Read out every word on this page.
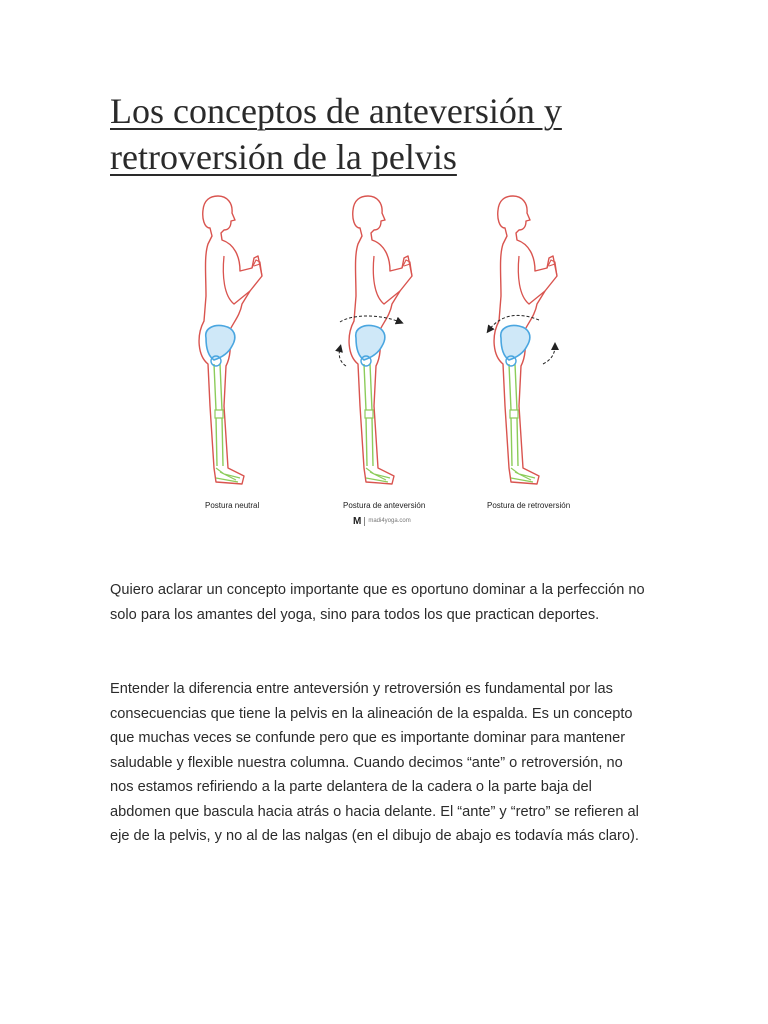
Los conceptos de anteversión y retroversión de la pelvis
Postura neutral	Postura de anteversión	Postura de retroversión
M madi4yoga.com

Quiero aclarar un concepto importante que es oportuno dominar a la perfección no solo para los amantes del yoga, sino para todos los que practican deportes.

Entender la diferencia entre anteversión y retroversión es fundamental por las consecuencias que tiene la pelvis en la alineación de la espalda. Es un concepto que muchas veces se confunde pero que es importante dominar para mantener saludable y flexible nuestra columna. Cuando decimos “ante” o retroversión, no nos estamos refiriendo a la parte delantera de la cadera o la parte baja del abdomen que bascula hacia atrás o hacia delante. El “ante” y “retro” se refieren al eje de la pelvis, y no al de las nalgas (en el dibujo de abajo es todavía más claro).
